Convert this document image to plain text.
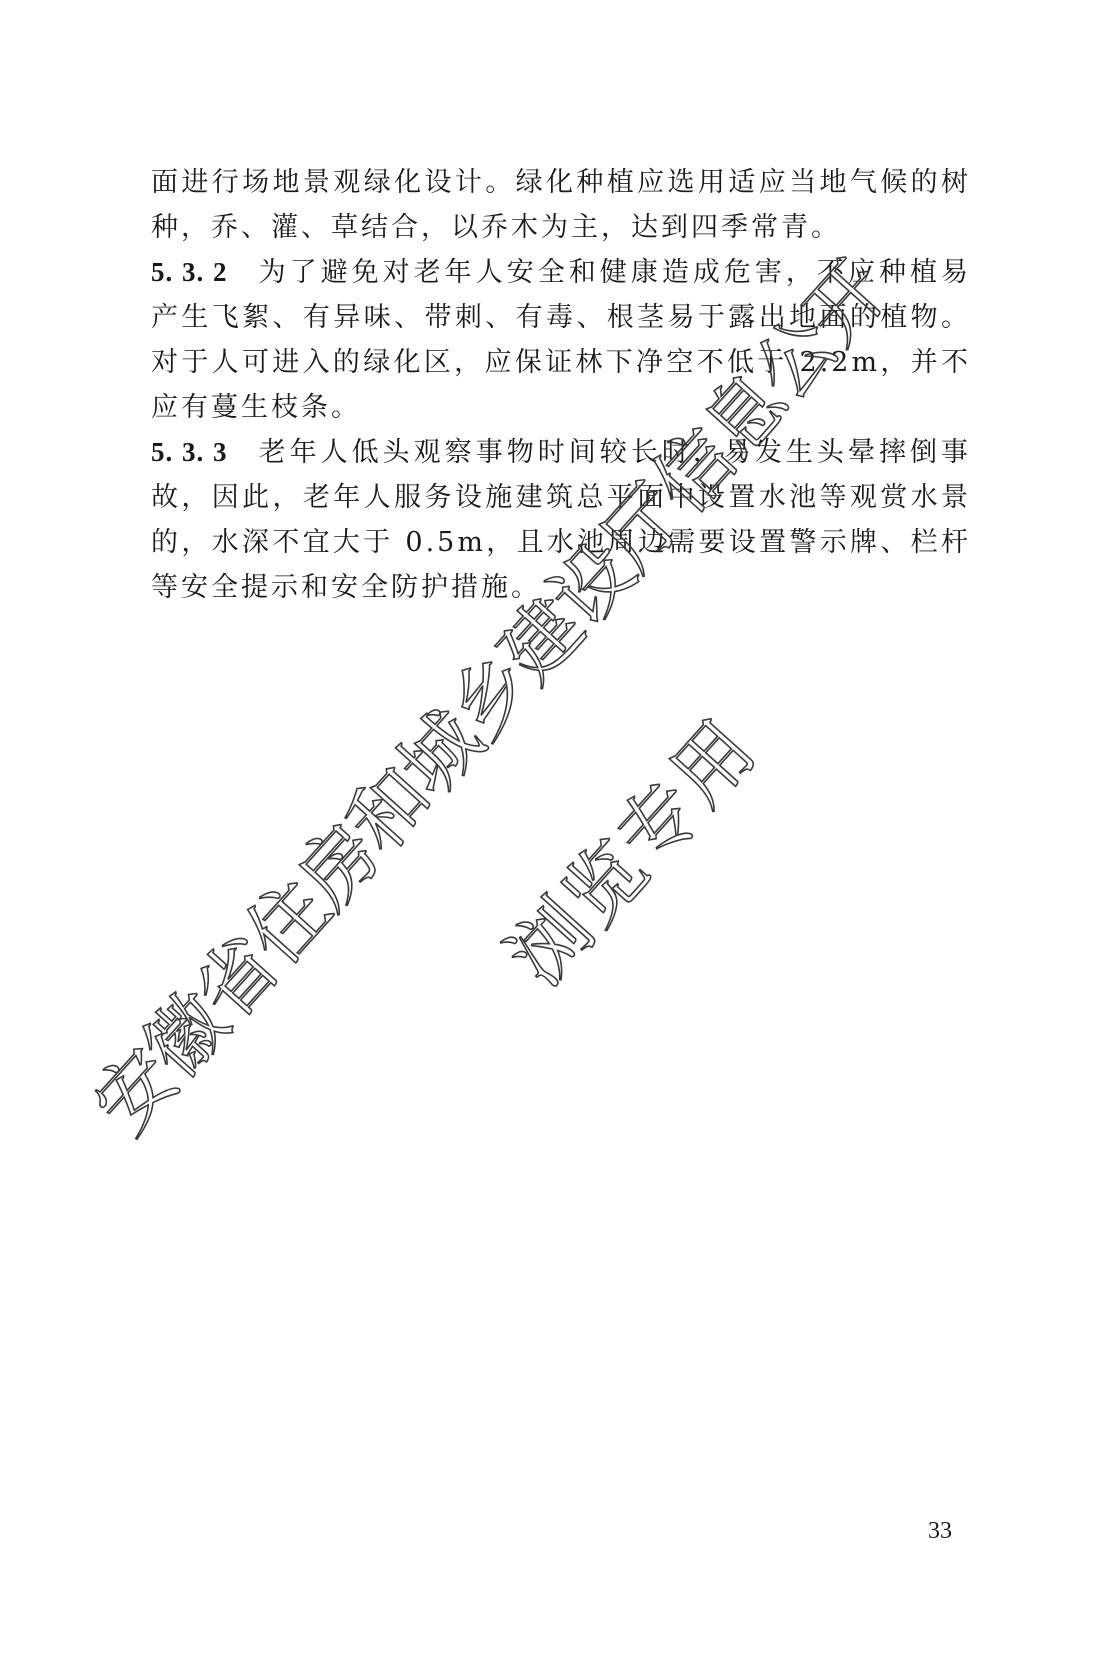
面进行场地景观绿化设计。绿化种植应选用适应当地气候的树种，乔、灌、草结合，以乔木为主，达到四季常青。

5. 3. 2 为了避免对老年人安全和健康造成危害，不应种植易产生飞絮、有异味、带刺、有毒、根茎易于露出地面的植物。对于人可进入的绿化区，应保证林下净空不低于 2.2m，并不应有蔓生枝条。

5. 3. 3 老年人低头观察事物时间较长时，易发生头晕摔倒事故，因此，老年人服务设施建筑总平面中设置水池等观赏水景的，水深不宜大于 0.5m，且水池周边需要设置警示牌、栏杆等安全提示和安全防护措施。

安徽省住房和城乡建设厅信息公开
浏览专用
33
